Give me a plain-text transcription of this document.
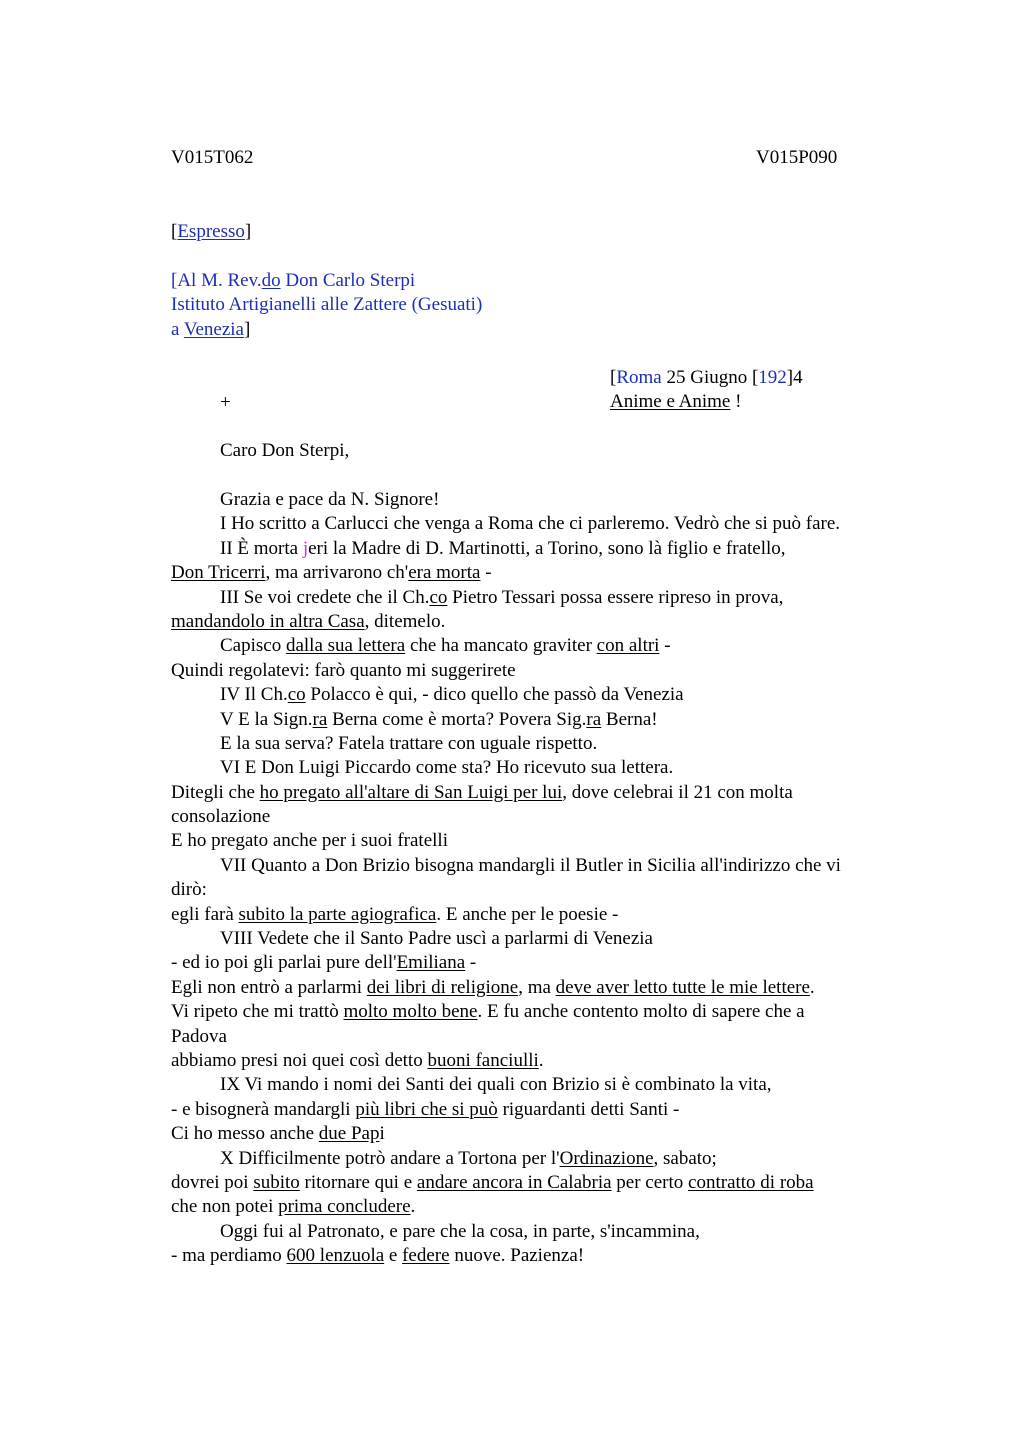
V015T062	V015P090
[Espresso]
[Al M. Rev.do Don Carlo Sterpi
Istituto Artigianelli alle Zattere (Gesuati)
a Venezia]
[Roma 25 Giugno [192]4
Anime e Anime !
+
Caro Don Sterpi,
Grazia e pace da N. Signore!
I Ho scritto a Carlucci che venga a Roma che ci parleremo. Vedrò che si può fare.
II È morta jeri la Madre di D. Martinotti, a Torino, sono là figlio e fratello,
Don Tricerri, ma arrivarono ch'era morta -
III Se voi credete che il Ch.co Pietro Tessari possa essere ripreso in prova,
mandandolo in altra Casa, ditemelo.
Capisco dalla sua lettera che ha mancato graviter con altri -
Quindi regolatevi: farò quanto mi suggerirete
IV Il Ch.co Polacco è qui, - dico quello che passò da Venezia
V E la Sign.ra Berna come è morta? Povera Sig.ra Berna!
E la sua serva? Fatela trattare con uguale rispetto.
VI E Don Luigi Piccardo come sta? Ho ricevuto sua lettera.
Ditegli che ho pregato all'altare di San Luigi per lui, dove celebrai il 21 con molta
consolazione
E ho pregato anche per i suoi fratelli
VII Quanto a Don Brizio bisogna mandargli il Butler in Sicilia all'indirizzo che vi
dirò:
egli farà subito la parte agiografica. E anche per le poesie -
VIII Vedete che il Santo Padre uscì a parlarmi di Venezia
- ed io poi gli parlai pure dell'Emiliana -
Egli non entrò a parlarmi dei libri di religione, ma deve aver letto tutte le mie lettere.
Vi ripeto che mi trattò molto molto bene. E fu anche contento molto di sapere che a
Padova
abbiamo presi noi quei così detto buoni fanciulli.
IX Vi mando i nomi dei Santi dei quali con Brizio si è combinato la vita,
- e bisognerà mandargli più libri che si può riguardanti detti Santi -
Ci ho messo anche due Papi
X Difficilmente potrò andare a Tortona per l'Ordinazione, sabato;
dovrei poi subito ritornare qui e andare ancora in Calabria per certo contratto di roba
che non potei prima concludere.
Oggi fui al Patronato, e pare che la cosa, in parte, s'incammina,
- ma perdiamo 600 lenzuola e federe nuove. Pazienza!
